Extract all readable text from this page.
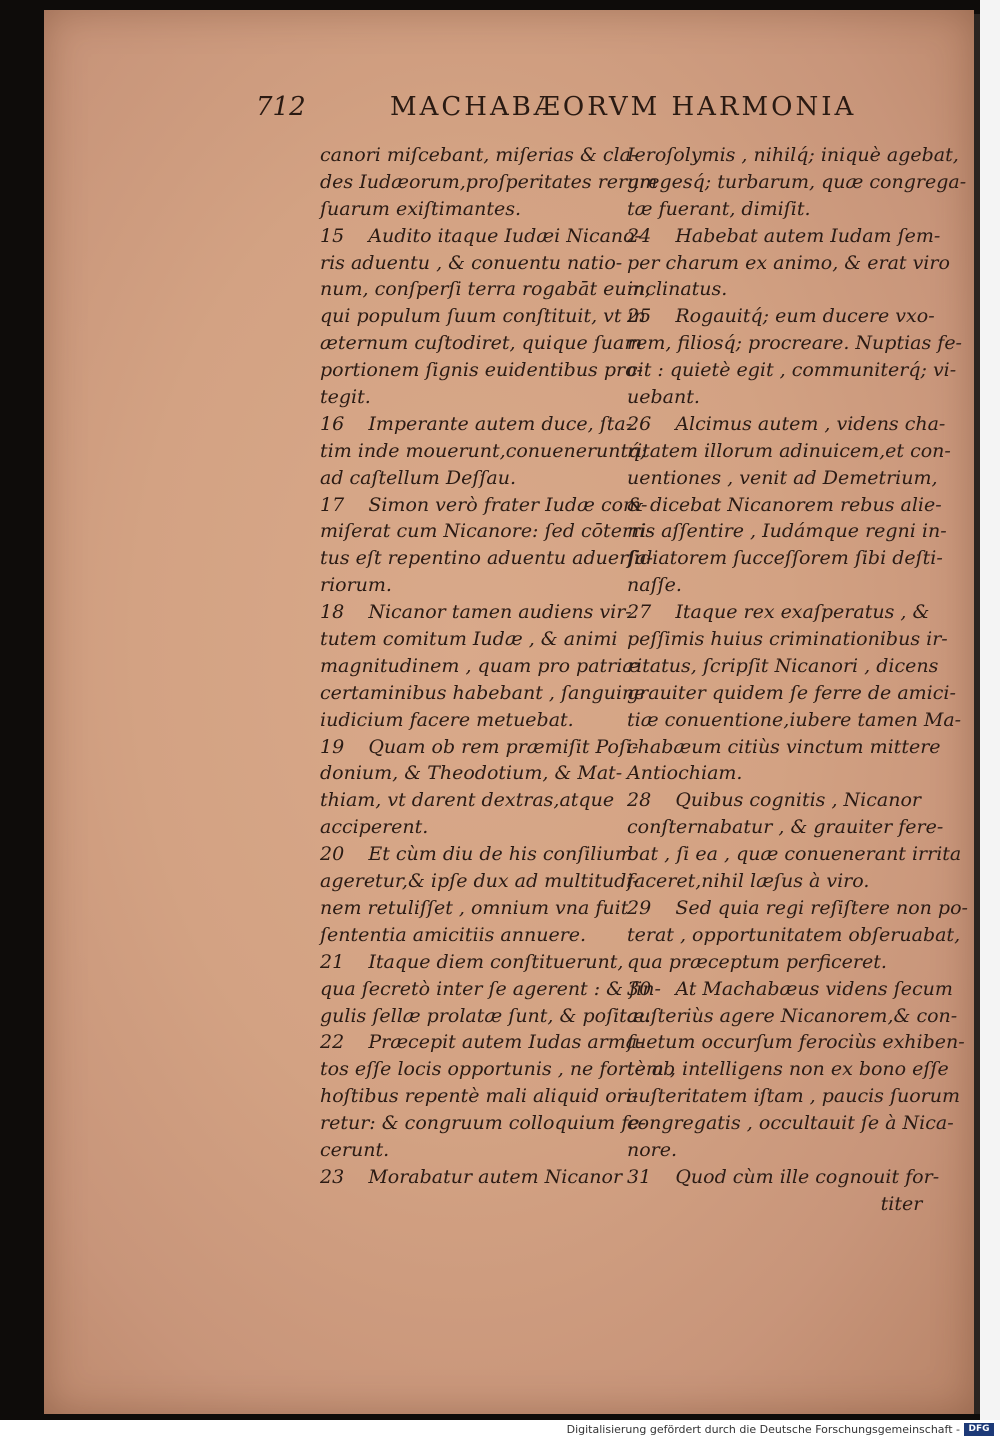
712	MACHABÆORVM HARMONIA
canori miſcebant, miſerias & cla-
des Iudæorum,proſperitates rerum
ſuarum exiſtimantes.
15    Audito itaque Iudæi Nicano-
ris aduentu , & conuentu natio-
num, conſperſi terra rogabāt eum,
qui populum ſuum conſtituit, vt in
æternum cuſtodiret, quique ſuam
portionem ſignis euidentibus pro-
tegit.
16    Imperante autem duce, ſta-
tim inde mouerunt,conueneruntq́;
ad caſtellum Deſſau.
17    Simon verò frater Iudæ com-
miſerat cum Nicanore: ſed cōterri-
tus eſt repentino aduentu aduerſa-
riorum.
18    Nicanor tamen audiens vir-
tutem comitum Iudæ , & animi
magnitudinem , quam pro patriæ
certaminibus habebant , ſanguine
iudicium facere metuebat.
19    Quam ob rem præmiſit Poſi-
donium, & Theodotium, & Mat-
thiam, vt darent dextras,atque
acciperent.
20    Et cùm diu de his conſilium
ageretur,& ipſe dux ad multitudi-
nem retuliſſet , omnium vna fuit
ſententia amicitiis annuere.
21    Itaque diem conſtituerunt,
qua ſecretò inter ſe agerent : & ſin-
gulis ſellæ prolatæ ſunt, & poſitæ.
22    Præcepit autem Iudas arma-
tos eſſe locis opportunis , ne fortè ab
hoſtibus repentè mali aliquid ori-
retur: & congruum colloquium fe-
cerunt.
23    Morabatur autem Nicanor
Ieroſolymis , nihilq́; iniquè agebat,
gregesq́; turbarum, quæ congrega-
tæ fuerant, dimiſit.
24    Habebat autem Iudam ſem-
per charum ex animo, & erat viro
inclinatus.
25    Rogauitq́; eum ducere vxo-
rem, filiosq́; procreare. Nuptias fe-
cit : quietè egit , communiterq́; vi-
uebant.
26    Alcimus autem , videns cha-
ritatem illorum adinuicem,et con-
uentiones , venit ad Demetrium,
& dicebat Nicanorem rebus alie-
nis aſſentire , Iudámque regni in-
ſidiatorem ſucceſſorem ſibi deſti-
naſſe.
27    Itaque rex exaſperatus , &
peſſimis huius criminationibus ir-
ritatus, ſcripſit Nicanori , dicens
grauiter quidem ſe ferre de amici-
tiæ conuentione,iubere tamen Ma-
chabæum citiùs vinctum mittere
Antiochiam.
28    Quibus cognitis , Nicanor
conſternabatur , & grauiter fere-
bat , ſi ea , quæ conuenerant irrita
faceret,nihil læſus à viro.
29    Sed quia regi reſiſtere non po-
terat , opportunitatem obſeruabat,
qua præceptum perficeret.
30    At Machabæus videns ſecum
auſteriùs agere Nicanorem,& con-
ſuetum occurſum ferociùs exhiben-
tem , intelligens non ex bono eſſe
auſteritatem iſtam , paucis ſuorum
congregatis , occultauit ſe à Nica-
nore.
31    Quod cùm ille cognouit for-
titer
Digitalisierung gefördert durch die Deutsche Forschungsgemeinschaft - DFG
